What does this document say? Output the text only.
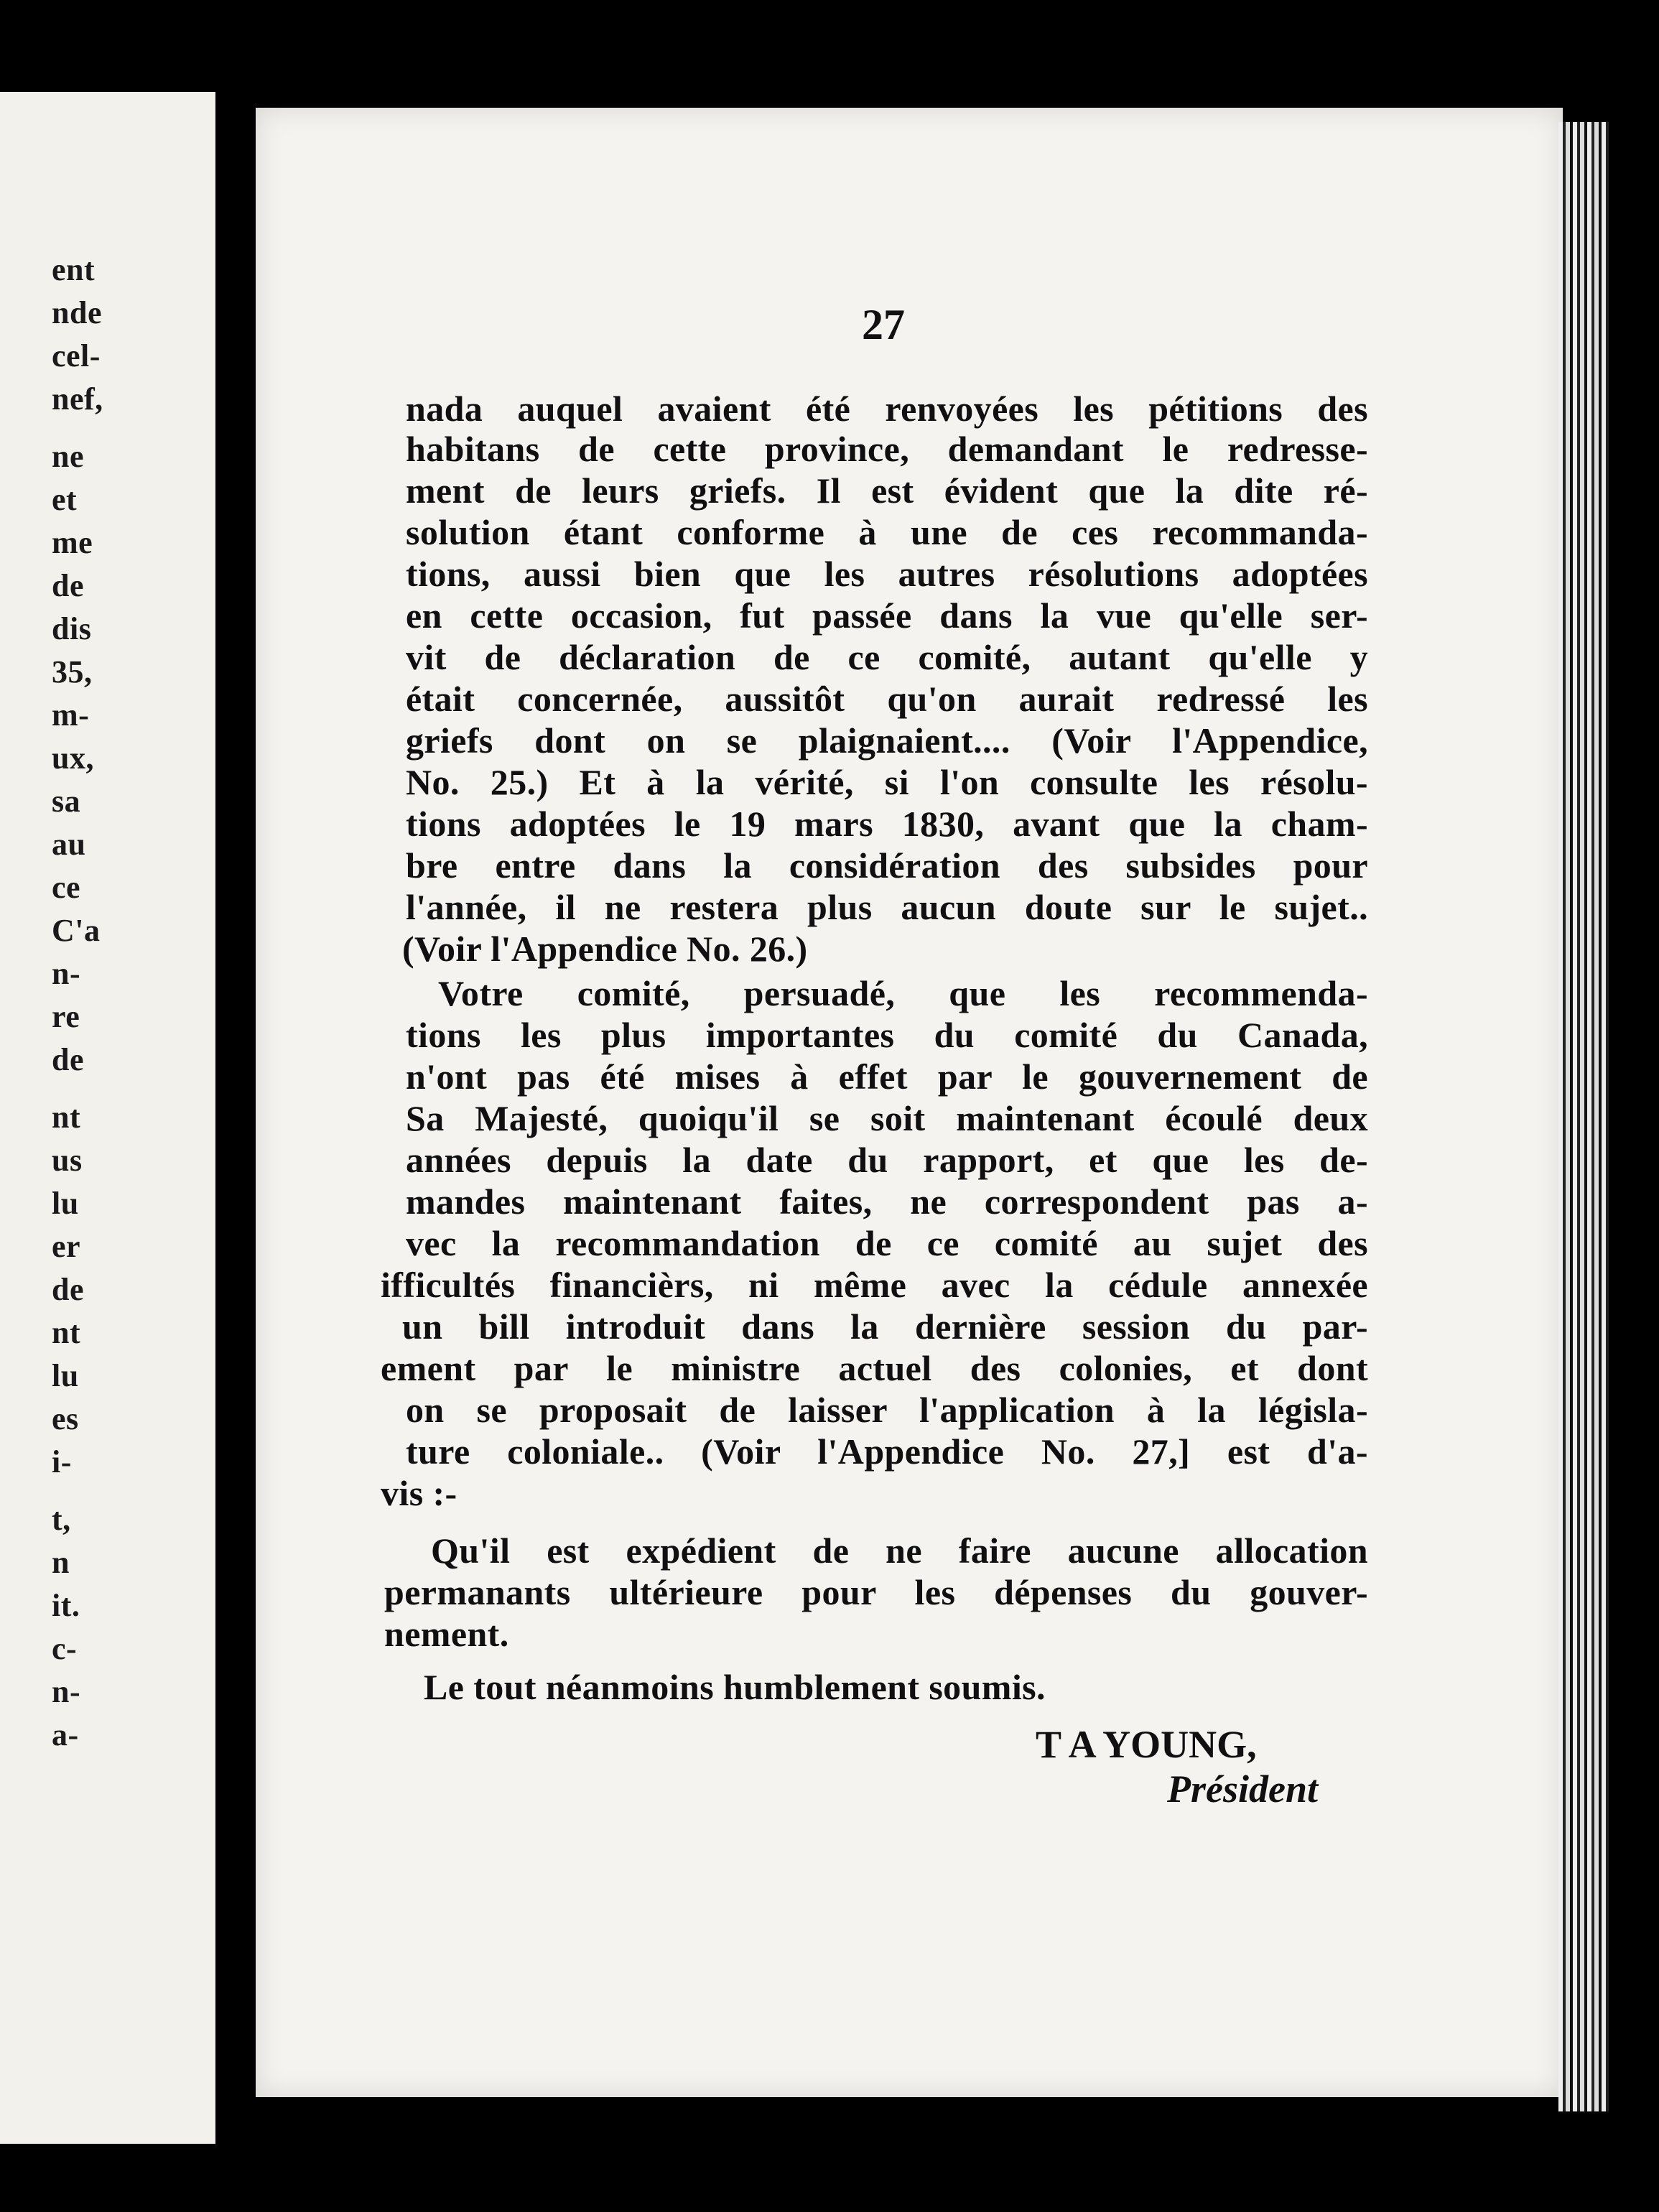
ent
nde
cel-
nef,
ne
et
me
de
dis
35,
m-
ux,
sa
au
ce
C'a
n-
re
de
nt
us
lu
er
de
nt
lu
es
i-
t,
n
it.
c-
n-
a-
27
nada auquel avaient été renvoyées les pétitions des
habitans de cette province, demandant le redresse-
ment de leurs griefs. Il est évident que la dite ré-
solution étant conforme à une de ces recommanda-
tions, aussi bien que les autres résolutions adoptées
en cette occasion, fut passée dans la vue qu'elle ser-
vit de déclaration de ce comité, autant qu'elle y
était concernée, aussitôt qu'on aurait redressé les
griefs dont on se plaignaient.... (Voir l'Appendice,
No. 25.) Et à la vérité, si l'on consulte les résolu-
tions adoptées le 19 mars 1830, avant que la cham-
bre entre dans la considération des subsides pour
l'année, il ne restera plus aucun doute sur le sujet..
(Voir l'Appendice No. 26.)
Votre comité, persuadé, que les recommenda-
tions les plus importantes du comité du Canada,
n'ont pas été mises à effet par le gouvernement de
Sa Majesté, quoiqu'il se soit maintenant écoulé deux
années depuis la date du rapport, et que les de-
mandes maintenant faites, ne correspondent pas a-
vec la recommandation de ce comité au sujet des
ifficultés financièrs, ni même avec la cédule annexée
un bill introduit dans la dernière session du par-
ement par le ministre actuel des colonies, et dont
on se proposait de laisser l'application à la législa-
ture coloniale.. (Voir l'Appendice No. 27,] est d'a-
vis :-
Qu'il est expédient de ne faire aucune allocation
permanants ultérieure pour les dépenses du gouver-
nement.
Le tout néanmoins humblement soumis.
T A YOUNG,
Président
